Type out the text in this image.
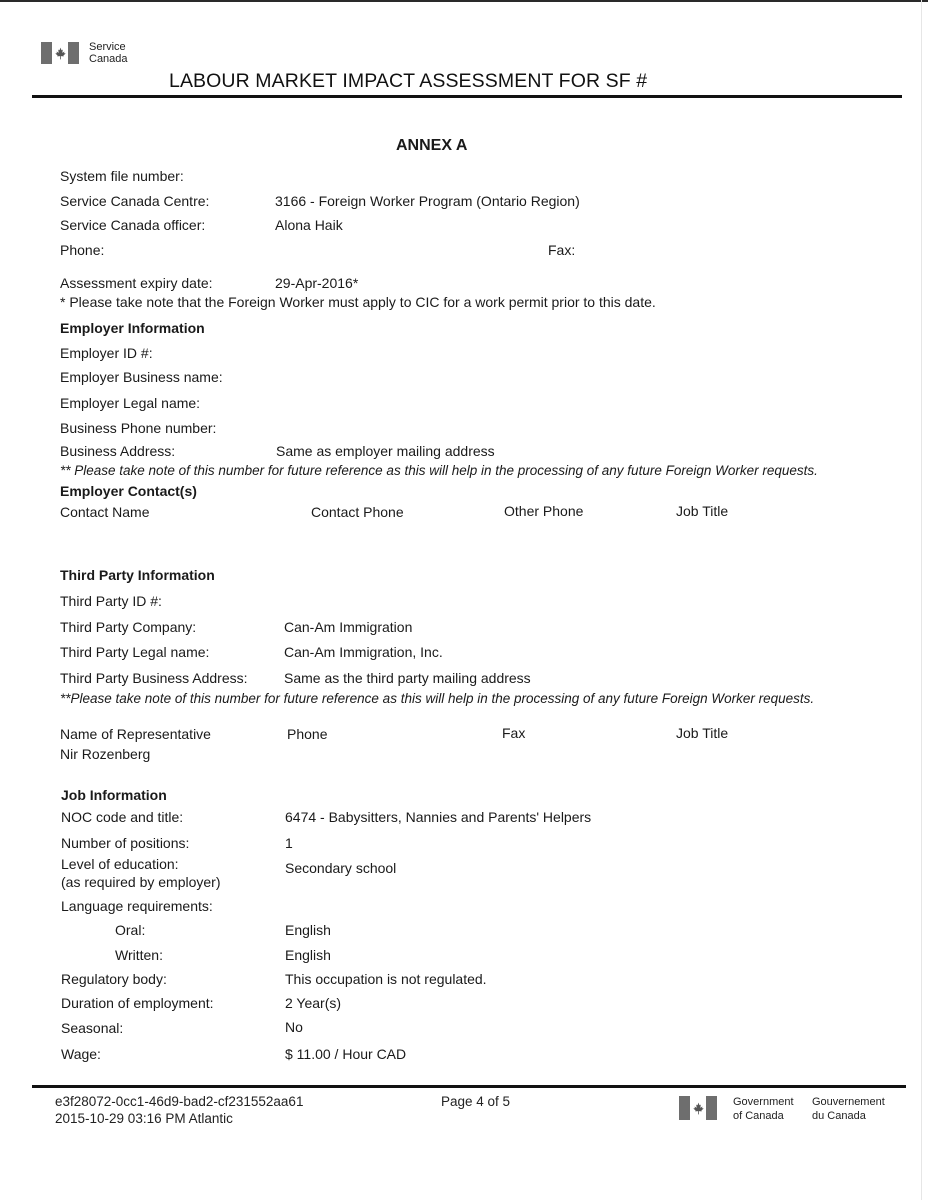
Service
Canada
LABOUR MARKET IMPACT ASSESSMENT FOR SF #
ANNEX A
System file number:
Service Canada Centre:	3166 - Foreign Worker Program (Ontario Region)
Service Canada officer:	Alona Haik
Phone:	Fax:
Assessment expiry date:	29-Apr-2016*
* Please take note that the Foreign Worker must apply to CIC for a work permit prior to this date.
Employer Information
Employer ID #:
Employer Business name:
Employer Legal name:
Business Phone number:
Business Address:	Same as employer mailing address
** Please take note of this number for future reference as this will help in the processing of any future Foreign Worker requests.
Employer Contact(s)
Contact Name	Contact Phone	Other Phone	Job Title
Third Party Information
Third Party ID #:
Third Party Company:	Can-Am Immigration
Third Party Legal name:	Can-Am Immigration, Inc.
Third Party Business Address:	Same as the third party mailing address
**Please take note of this number for future reference as this will help in the processing of any future Foreign Worker requests.
Name of Representative	Phone	Fax	Job Title
Nir Rozenberg
Job Information
NOC code and title:	6474 - Babysitters, Nannies and Parents' Helpers
Number of positions:	1
Level of education:
(as required by employer)
Secondary school
Language requirements:
Oral:	English
Written:	English
Regulatory body:	This occupation is not regulated.
Duration of employment:	2 Year(s)
Seasonal:	No
Wage:	$ 11.00 / Hour CAD
e3f28072-0cc1-46d9-bad2-cf231552aa61
2015-10-29 03:16 PM Atlantic
Page 4 of 5	Government
of Canada
Gouvernement
du Canada
